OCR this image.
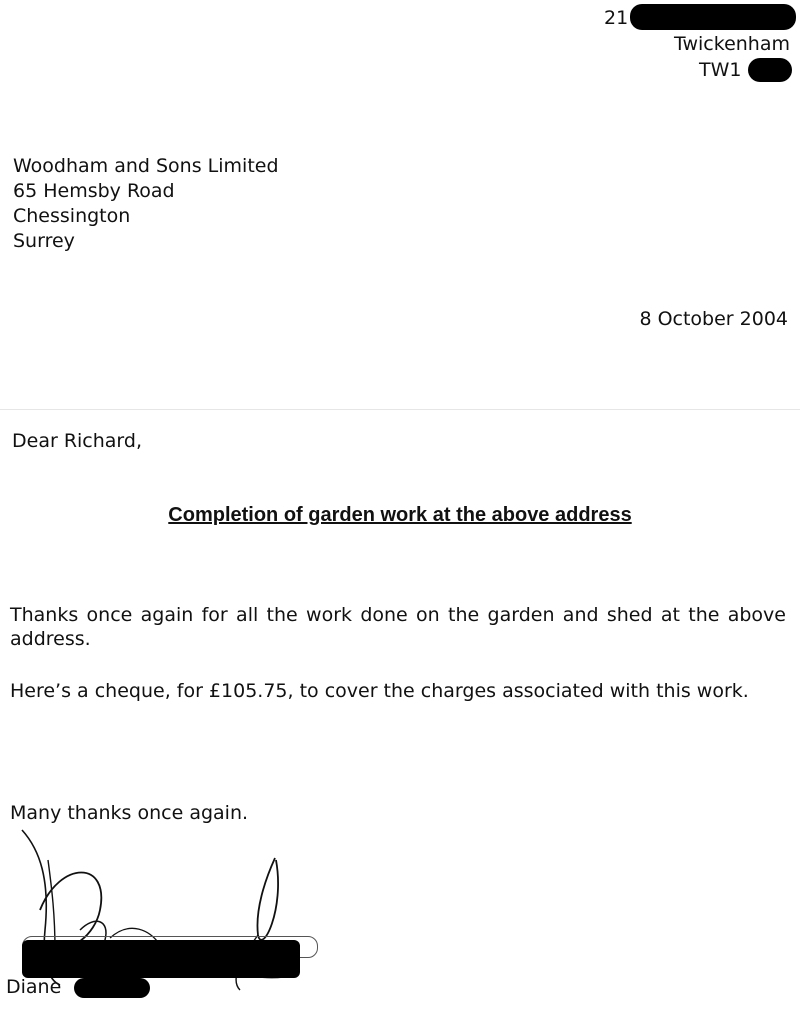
21
Twickenham
TW1
Woodham and Sons Limited
65 Hemsby Road
Chessington
Surrey
8 October 2004
Dear Richard,
Completion of garden work at the above address
Thanks once again for all the work done on the garden and shed at the above address.
Here’s a cheque, for £105.75, to cover the charges associated with this work.
Many thanks once again.
Diane
